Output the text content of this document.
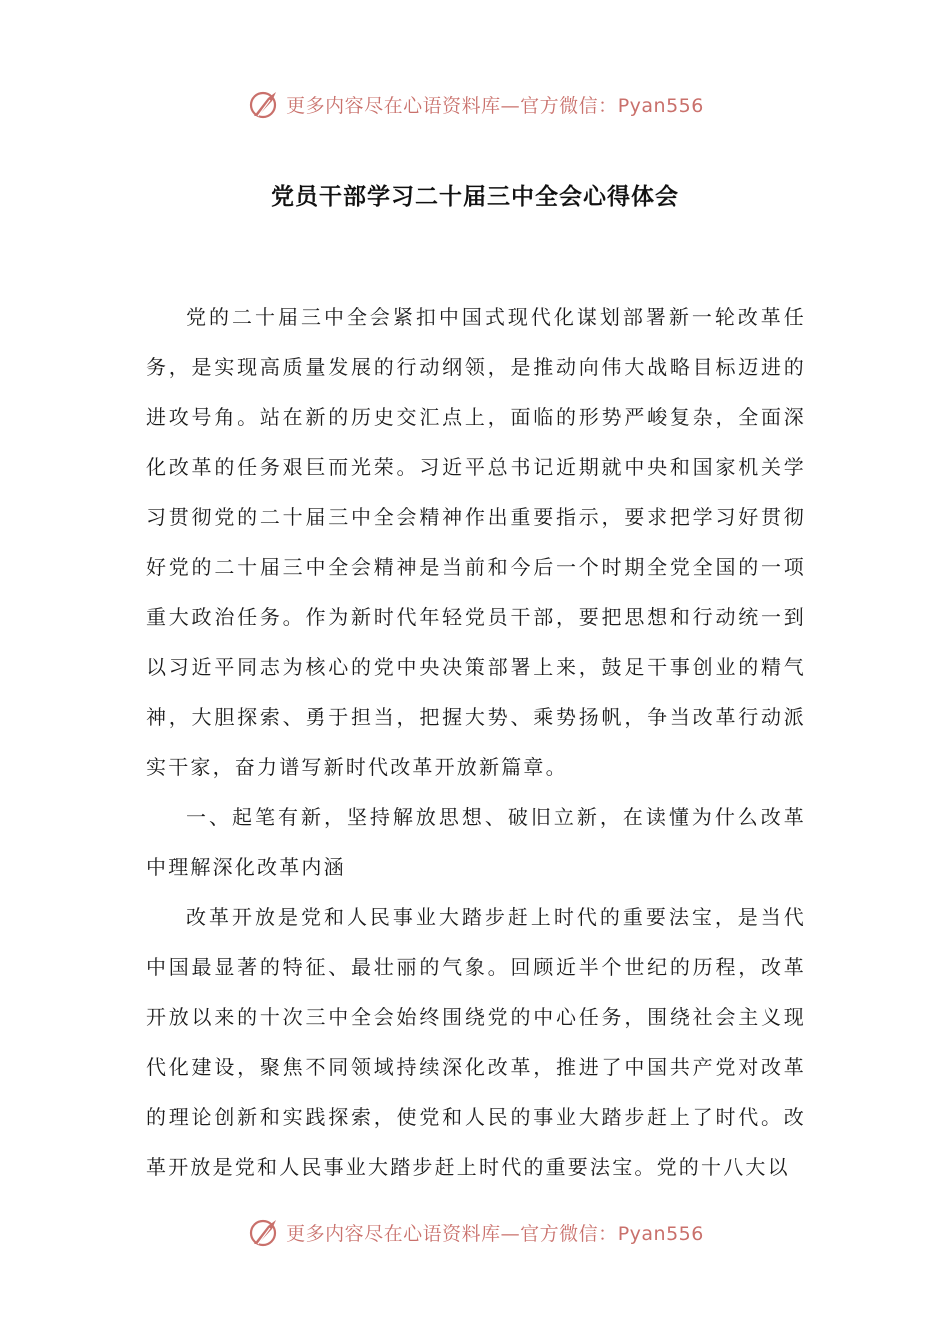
更多内容尽在心语资料库—官方微信：Pyan556
党员干部学习二十届三中全会心得体会

党的二十届三中全会紧扣中国式现代化谋划部署新一轮改革任务，是实现高质量发展的行动纲领，是推动向伟大战略目标迈进的进攻号角。站在新的历史交汇点上，面临的形势严峻复杂，全面深化改革的任务艰巨而光荣。习近平总书记近期就中央和国家机关学习贯彻党的二十届三中全会精神作出重要指示，要求把学习好贯彻好党的二十届三中全会精神是当前和今后一个时期全党全国的一项重大政治任务。作为新时代年轻党员干部，要把思想和行动统一到以习近平同志为核心的党中央决策部署上来，鼓足干事创业的精气神，大胆探索、勇于担当，把握大势、乘势扬帆，争当改革行动派实干家，奋力谱写新时代改革开放新篇章。

一、起笔有新，坚持解放思想、破旧立新，在读懂为什么改革中理解深化改革内涵

改革开放是党和人民事业大踏步赶上时代的重要法宝，是当代中国最显著的特征、最壮丽的气象。回顾近半个世纪的历程，改革开放以来的十次三中全会始终围绕党的中心任务，围绕社会主义现代化建设，聚焦不同领域持续深化改革，推进了中国共产党对改革的理论创新和实践探索，使党和人民的事业大踏步赶上了时代。改革开放是党和人民事业大踏步赶上时代的重要法宝。党的十八大以

更多内容尽在心语资料库—官方微信：Pyan556
